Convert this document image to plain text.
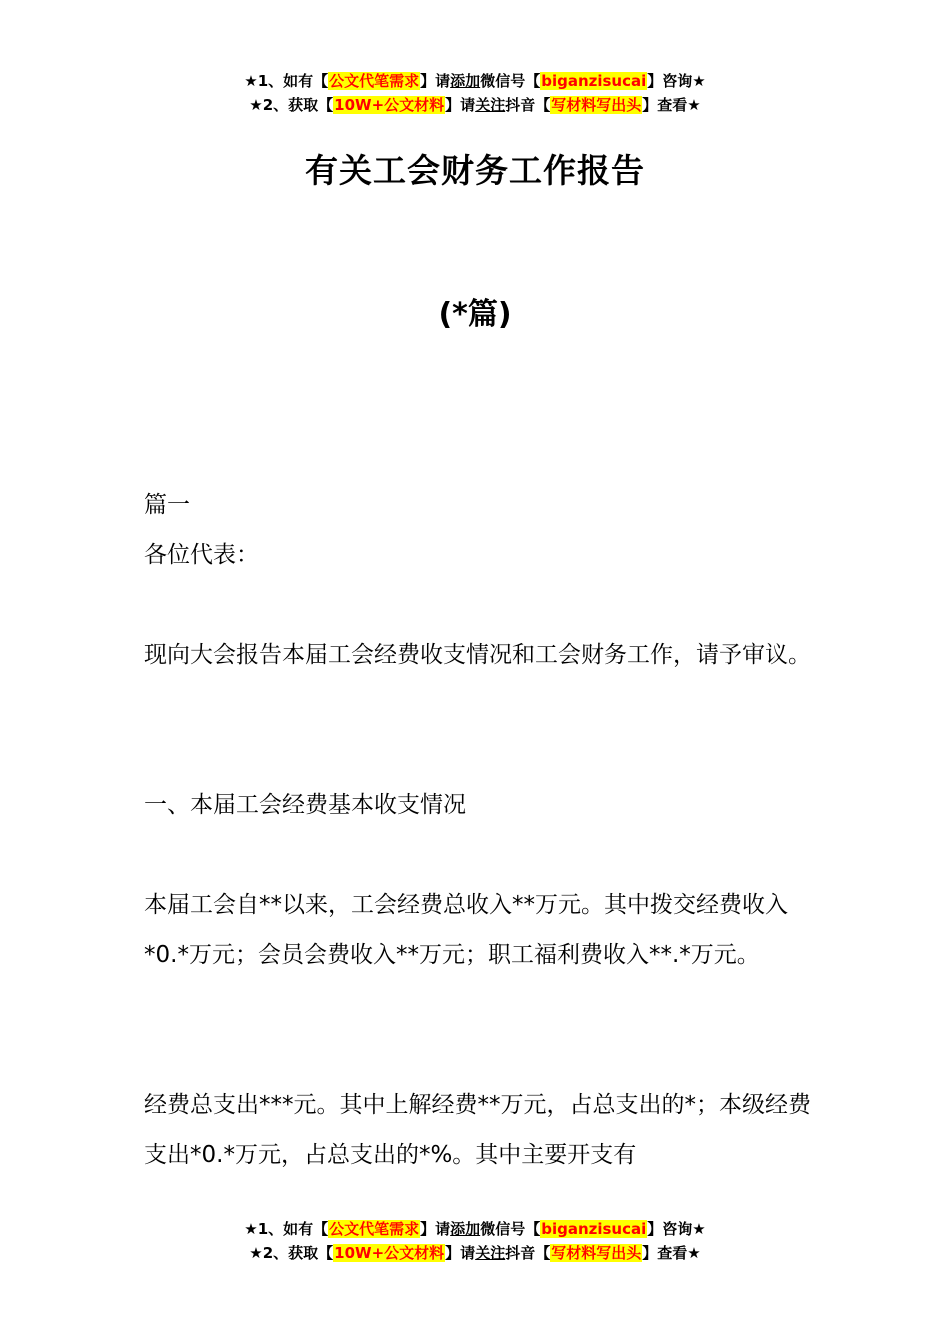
★1、如有【公文代笔需求】请添加微信号【biganzisucai】咨询★
★2、获取【10W+公文材料】请关注抖音【写材料写出头】查看★
有关工会财务工作报告
(*篇)

篇一

各位代表：

现向大会报告本届工会经费收支情况和工会财务工作，请予审议。

一、本届工会经费基本收支情况

本届工会自**以来，工会经费总收入**万元。其中拨交经费收入*0.*万元；会员会费收入**万元；职工福利费收入**.*万元。

经费总支出***元。其中上解经费**万元，占总支出的*；本级经费支出*0.*万元，占总支出的*%。其中主要开支有

★1、如有【公文代笔需求】请添加微信号【biganzisucai】咨询★
★2、获取【10W+公文材料】请关注抖音【写材料写出头】查看★
